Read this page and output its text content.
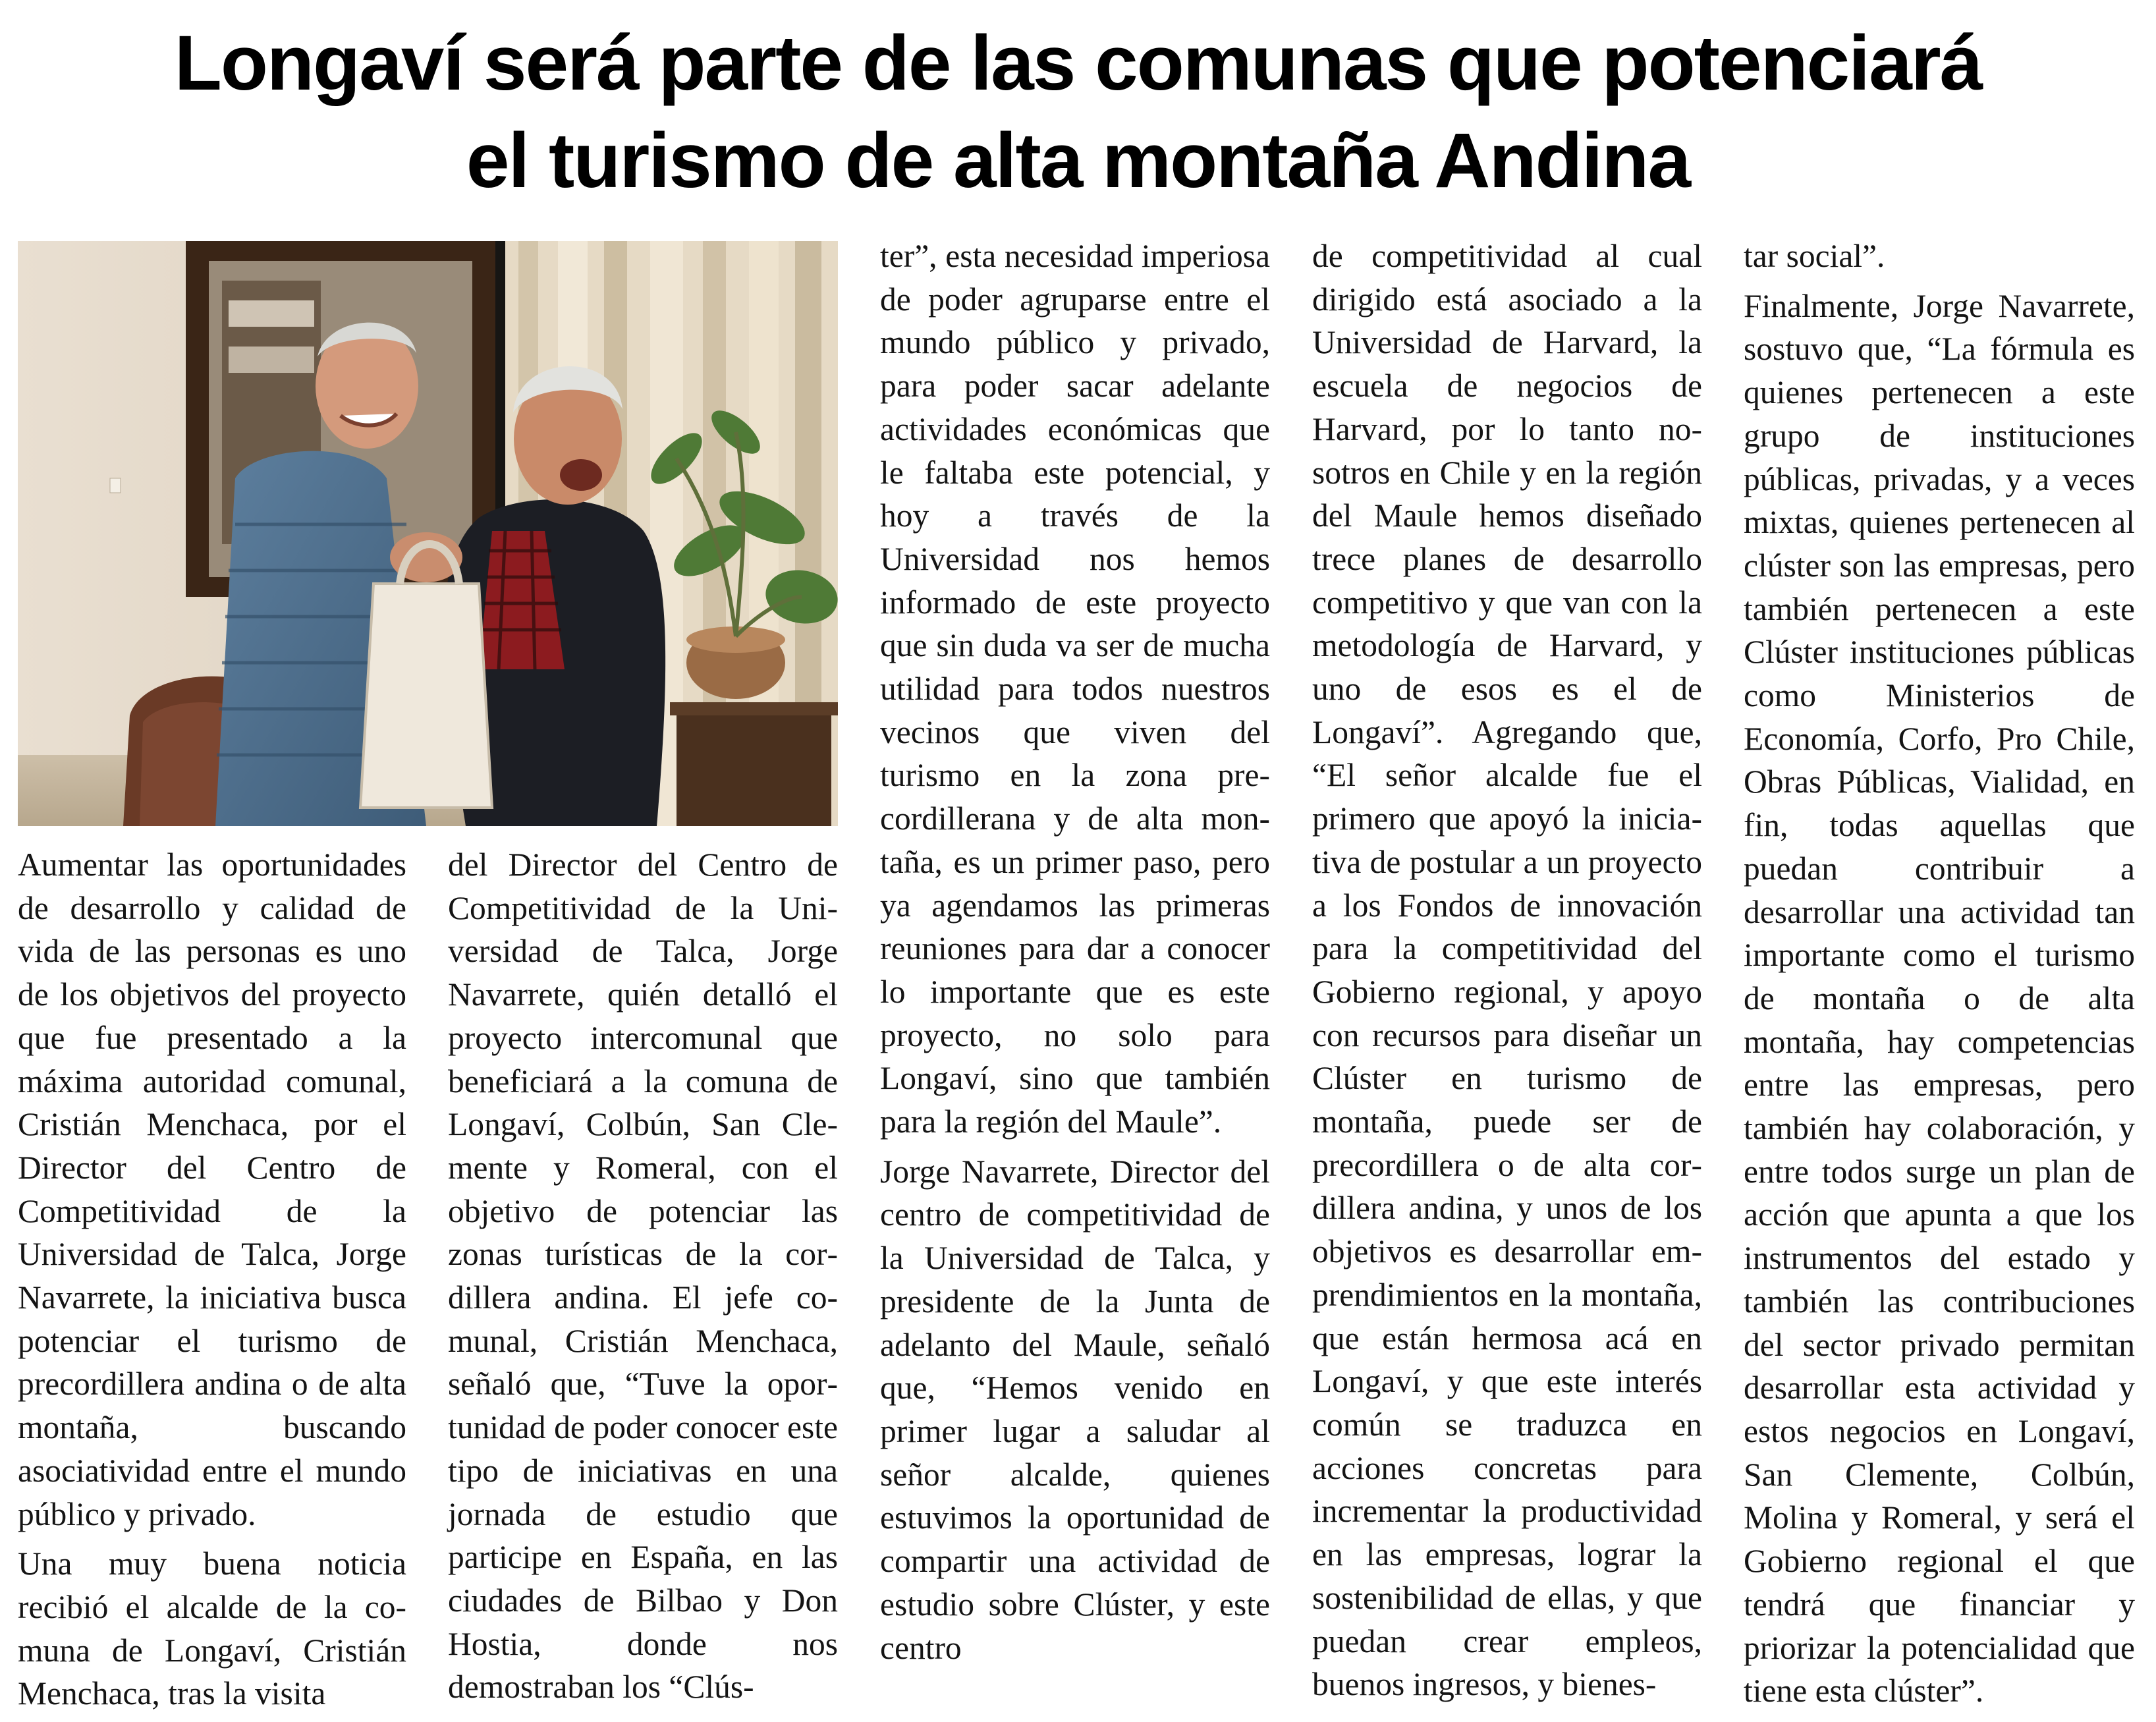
Longaví será parte de las comunas que potenciará
el turismo de alta montaña Andina

Aumentar las oportunidades de desarrollo y calidad de vida de las personas es uno de los objetivos del proyecto que fue presentado a la máxima autoridad comunal, Cristián Menchaca, por el Director del Centro de Competitividad de la Universidad de Talca, Jorge Navarrete, la iniciativa busca potenciar el turismo de precordillera andina o de alta montaña, buscando asociatividad entre el mundo público y privado.

Una muy buena noticia recibió el alcalde de la comuna de Longaví, Cristián Menchaca, tras la visita

del Director del Centro de Competitividad de la Universidad de Talca, Jorge Navarrete, quién detalló el proyecto intercomunal que beneficiará a la comuna de Longaví, Colbún, San Clemente y Romeral, con el objetivo de potenciar las zonas turísticas de la cordillera andina. El jefe comunal, Cristián Menchaca, señaló que, “Tuve la oportunidad de poder conocer este tipo de iniciativas en una jornada de estudio que participe en España, en las ciudades de Bilbao y Don Hostia, donde nos demostraban los “Clús-

ter”, esta necesidad imperiosa de poder agruparse entre el mundo público y privado, para poder sacar adelante actividades económicas que le faltaba este potencial, y hoy a través de la Universidad nos hemos informado de este proyecto que sin duda va ser de mucha utilidad para todos nuestros vecinos que viven del turismo en la zona precordillerana y de alta montaña, es un primer paso, pero ya agendamos las primeras reuniones para dar a conocer lo importante que es este proyecto, no solo para Longaví, sino que también para la región del Maule”.

Jorge Navarrete, Director del centro de competitividad de la Universidad de Talca, y presidente de la Junta de adelanto del Maule, señaló que, “Hemos venido en primer lugar a saludar al señor alcalde, quienes estuvimos la oportunidad de compartir una actividad de estudio sobre Clúster, y este centro

de competitividad al cual dirigido está asociado a la Universidad de Harvard, la escuela de negocios de Harvard, por lo tanto nosotros en Chile y en la región del Maule hemos diseñado trece planes de desarrollo competitivo y que van con la metodología de Harvard, y uno de esos es el de Longaví”. Agregando que, “El señor alcalde fue el primero que apoyó la iniciativa de postular a un proyecto a los Fondos de innovación para la competitividad del Gobierno regional, y apoyo con recursos para diseñar un Clúster en turismo de montaña, puede ser de precordillera o de alta cordillera andina, y unos de los objetivos es desarrollar emprendimientos en la montaña, que están hermosa acá en Longaví, y que este interés común se traduzca en acciones concretas para incrementar la productividad en las empresas, lograr la sostenibilidad de ellas, y que puedan crear empleos, buenos ingresos, y bienes-

tar social”.

Finalmente, Jorge Navarrete, sostuvo que, “La fórmula es quienes pertenecen a este grupo de instituciones públicas, privadas, y a veces mixtas, quienes pertenecen al clúster son las empresas, pero también pertenecen a este Clúster instituciones públicas como Ministerios de Economía, Corfo, Pro Chile, Obras Públicas, Vialidad, en fin, todas aquellas que puedan contribuir a desarrollar una actividad tan importante como el turismo de montaña o de alta montaña, hay competencias entre las empresas, pero también hay colaboración, y entre todos surge un plan de acción que apunta a que los instrumentos del estado y también las contribuciones del sector privado permitan desarrollar esta actividad y estos negocios en Longaví, San Clemente, Colbún, Molina y Romeral, y será el Gobierno regional el que tendrá que financiar y priorizar la potencialidad que tiene esta clúster”.
